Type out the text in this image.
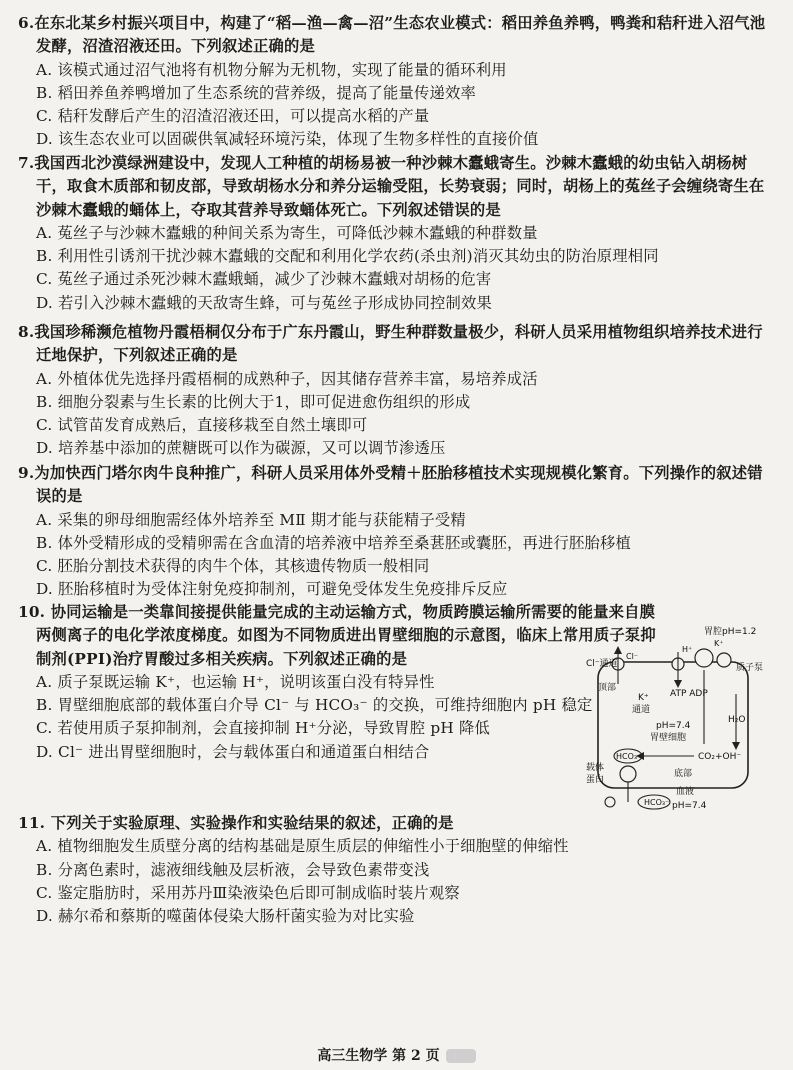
6.在东北某乡村振兴项目中，构建了“稻—渔—禽—沼”生态农业模式：稻田养鱼养鸭，鸭粪和秸秆进入沼气池发酵，沼渣沼液还田。下列叙述正确的是

A. 该模式通过沼气池将有机物分解为无机物，实现了能量的循环利用

B. 稻田养鱼养鸭增加了生态系统的营养级，提高了能量传递效率

C. 秸秆发酵后产生的沼渣沼液还田，可以提高水稻的产量

D. 该生态农业可以固碳供氧减轻环境污染，体现了生物多样性的直接价值

7.我国西北沙漠绿洲建设中，发现人工种植的胡杨易被一种沙棘木蠹蛾寄生。沙棘木蠹蛾的幼虫钻入胡杨树干，取食木质部和韧皮部，导致胡杨水分和养分运输受阻，长势衰弱；同时，胡杨上的菟丝子会缠绕寄生在沙棘木蠹蛾的蛹体上，夺取其营养导致蛹体死亡。下列叙述错误的是

A. 菟丝子与沙棘木蠹蛾的种间关系为寄生，可降低沙棘木蠹蛾的种群数量

B. 利用性引诱剂干扰沙棘木蠹蛾的交配和利用化学农药(杀虫剂)消灭其幼虫的防治原理相同

C. 菟丝子通过杀死沙棘木蠹蛾蛹，减少了沙棘木蠹蛾对胡杨的危害

D. 若引入沙棘木蠹蛾的天敌寄生蜂，可与菟丝子形成协同控制效果

8.我国珍稀濒危植物丹霞梧桐仅分布于广东丹霞山，野生种群数量极少，科研人员采用植物组织培养技术进行迁地保护，下列叙述正确的是

A. 外植体优先选择丹霞梧桐的成熟种子，因其储存营养丰富，易培养成活

B. 细胞分裂素与生长素的比例大于1，即可促进愈伤组织的形成

C. 试管苗发育成熟后，直接移栽至自然土壤即可

D. 培养基中添加的蔗糖既可以作为碳源，又可以调节渗透压

9.为加快西门塔尔肉牛良种推广，科研人员采用体外受精＋胚胎移植技术实现规模化繁育。下列操作的叙述错误的是

A. 采集的卵母细胞需经体外培养至 MⅡ 期才能与获能精子受精

B. 体外受精形成的受精卵需在含血清的培养液中培养至桑葚胚或囊胚，再进行胚胎移植

C. 胚胎分割技术获得的肉牛个体，其核遗传物质一般相同

D. 胚胎移植时为受体注射免疫抑制剂，可避免受体发生免疫排斥反应

10. 协同运输是一类靠间接提供能量完成的主动运输方式，物质跨膜运输所需要的能量来自膜两侧离子的电化学浓度梯度。如图为不同物质进出胃壁细胞的示意图，临床上常用质子泵抑制剂(PPI)治疗胃酸过多相关疾病。下列叙述正确的是

A. 质子泵既运输 K⁺，也运输 H⁺，说明该蛋白没有特异性

B. 胃壁细胞底部的载体蛋白介导 Cl⁻ 与 HCO₃⁻ 的交换，可维持细胞内 pH 稳定

C. 若使用质子泵抑制剂，会直接抑制 H⁺分泌，导致胃腔 pH 降低

D. Cl⁻ 进出胃壁细胞时，会与载体蛋白和通道蛋白相结合

11. 下列关于实验原理、实验操作和实验结果的叙述，正确的是

A. 植物细胞发生质壁分离的结构基础是原生质层的伸缩性小于细胞壁的伸缩性

B. 分离色素时，滤液细线触及层析液，会导致色素带变浅

C. 鉴定脂肪时，采用苏丹Ⅲ染液染色后即可制成临时装片观察

D. 赫尔希和蔡斯的噬菌体侵染大肠杆菌实验为对比实验

胃腔pH=1.2
Cl⁻通道
顶部
质子泵
H⁺
K⁺
Cl⁻
K⁺
通道
ATP ADP
pH=7.4
胃壁细胞
H₂O
HCO₃⁻	CO₂+OH⁻
底部
载体
蛋白
血液
HCO₃⁻ pH=7.4
高三生物学 第 2 页
